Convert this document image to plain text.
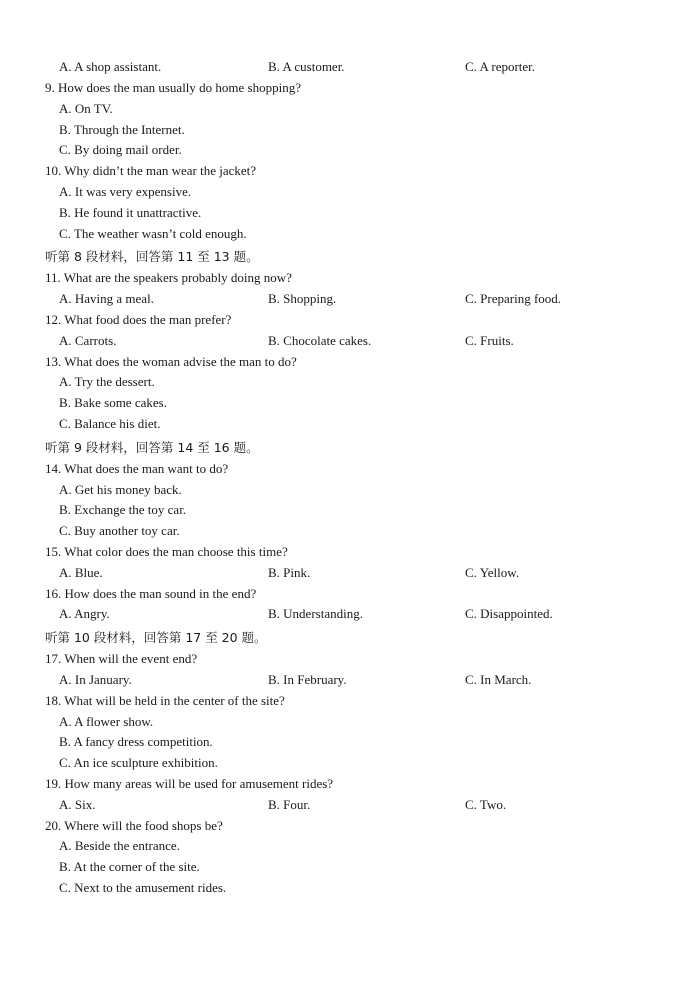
A. A shop assistant.	B. A customer.	C. A reporter.
9. How does the man usually do home shopping?
A. On TV.
B. Through the Internet.
C. By doing mail order.
10. Why didn’t the man wear the jacket?
A. It was very expensive.
B. He found it unattractive.
C. The weather wasn’t cold enough.
听第 8 段材料，回答第 11 至 13 题。
11. What are the speakers probably doing now?
A. Having a meal.	B. Shopping.	C. Preparing food.
12. What food does the man prefer?
A. Carrots.	B. Chocolate cakes.	C. Fruits.
13. What does the woman advise the man to do?
A. Try the dessert.
B. Bake some cakes.
C. Balance his diet.
听第 9 段材料，回答第 14 至 16 题。
14. What does the man want to do?
A. Get his money back.
B. Exchange the toy car.
C. Buy another toy car.
15. What color does the man choose this time?
A. Blue.	B. Pink.	C. Yellow.
16. How does the man sound in the end?
A. Angry.	B. Understanding.	C. Disappointed.
听第 10 段材料，回答第 17 至 20 题。
17. When will the event end?
A. In January.	B. In February.	C. In March.
18. What will be held in the center of the site?
A. A flower show.
B. A fancy dress competition.
C. An ice sculpture exhibition.
19. How many areas will be used for amusement rides?
A. Six.	B. Four.	C. Two.
20. Where will the food shops be?
A. Beside the entrance.
B. At the corner of the site.
C. Next to the amusement rides.
